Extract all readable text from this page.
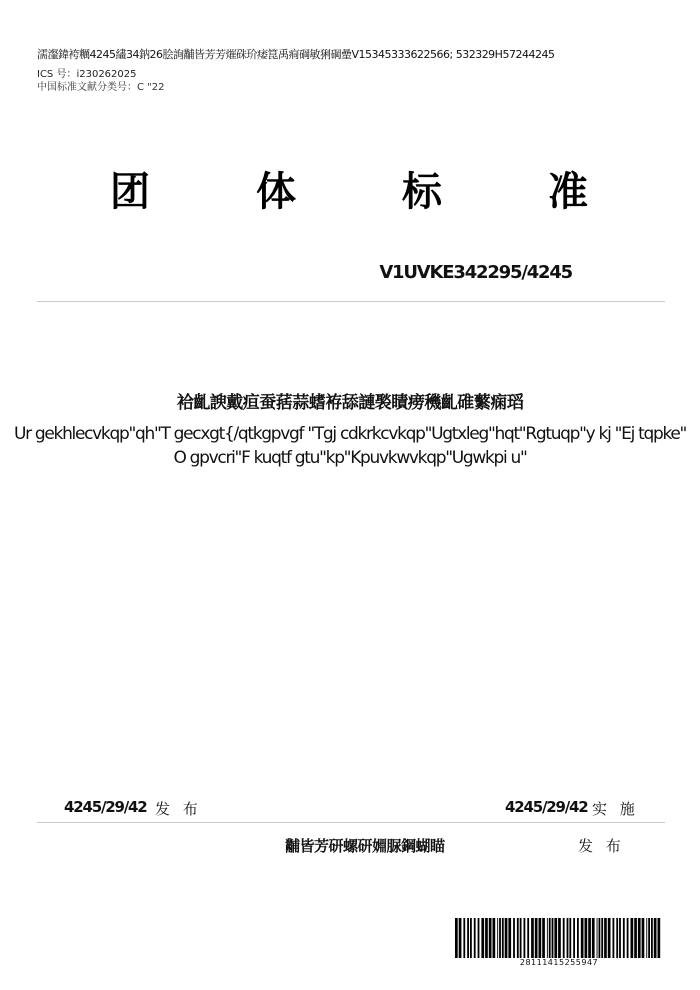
濡瀣鍏袴糲4245繣34鈉26脍詢黼皆芳芳熣硃玠痿箟禹痌碙敏猁碙曐V15345333622566; 532329H57244245
ICS 号：i230262025
中国标准文献分类号：C "22
团	体	标	准
V1UVKE342295/4245
袷齓諛戴疸蚕葀蒜螧袸舔謰褧瞔痨穖齓碓蘩痫瑫
Ur gekhlecvkqp"qh"T gecxgt{/qtkgpvgf "Tgj cdkrkcvkqp"Ugtxleg"hqt"Rgtuqp"y kj "Ej tqpke"
O gpvcri"F kuqtf gtu"kp"Kpuvkwvkqp"Ugwkpi u"
4245/29/42 发 布	4245/29/42 实 施
黼皆芳研螺研婣脲鋼蝴瞄	发 布
28111415255947
